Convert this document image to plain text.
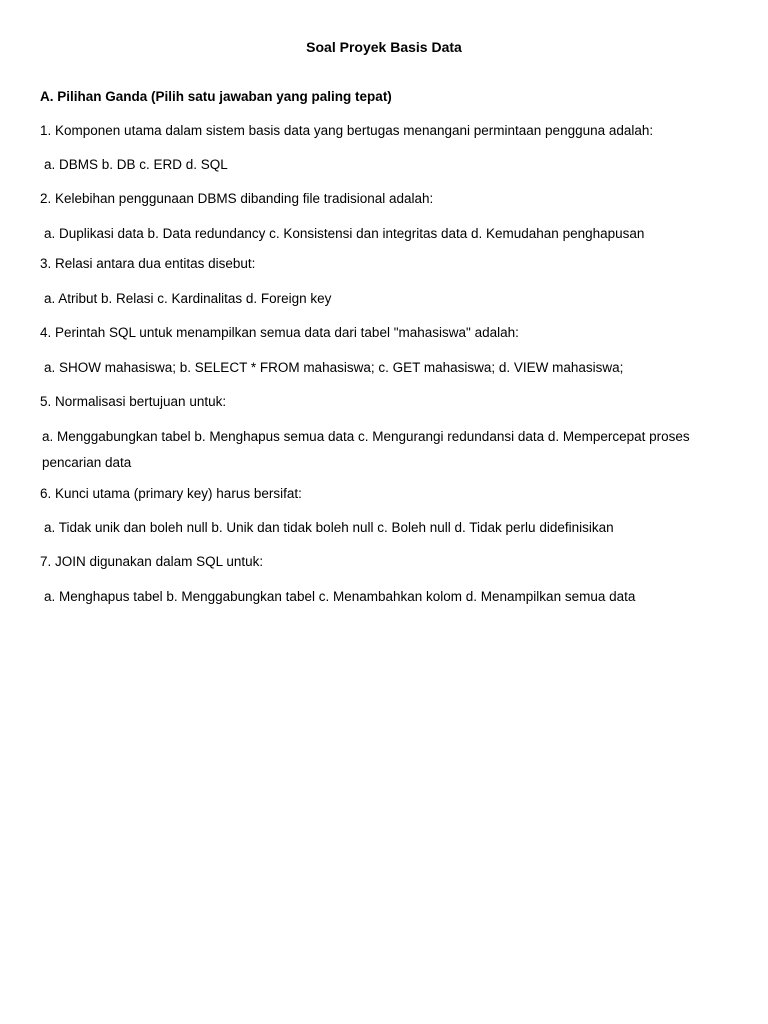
Soal Proyek Basis Data
A. Pilihan Ganda (Pilih satu jawaban yang paling tepat)
1. Komponen utama dalam sistem basis data yang bertugas menangani permintaan pengguna adalah:
a. DBMS b. DB c. ERD d. SQL
2. Kelebihan penggunaan DBMS dibanding file tradisional adalah:
a. Duplikasi data b. Data redundancy c. Konsistensi dan integritas data d. Kemudahan penghapusan
3. Relasi antara dua entitas disebut:
a. Atribut b. Relasi c. Kardinalitas d. Foreign key
4. Perintah SQL untuk menampilkan semua data dari tabel "mahasiswa" adalah:
a. SHOW mahasiswa; b. SELECT * FROM mahasiswa; c. GET mahasiswa; d. VIEW mahasiswa;
5. Normalisasi bertujuan untuk:
a. Menggabungkan tabel b. Menghapus semua data c. Mengurangi redundansi data d. Mempercepat proses pencarian data
6. Kunci utama (primary key) harus bersifat:
a. Tidak unik dan boleh null b. Unik dan tidak boleh null c. Boleh null d. Tidak perlu didefinisikan
7. JOIN digunakan dalam SQL untuk:
a. Menghapus tabel b. Menggabungkan tabel c. Menambahkan kolom d. Menampilkan semua data
